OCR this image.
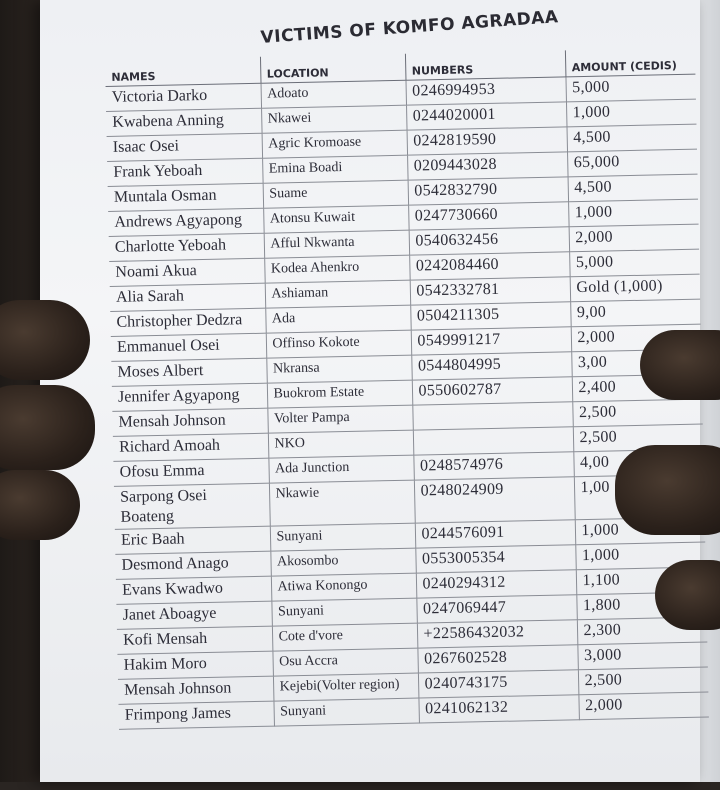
VICTIMS OF KOMFO AGRADAA
NAMES	LOCATION	NUMBERS	AMOUNT (CEDIS)
Victoria Darko	Adoato	0246994953	5,000
Kwabena Anning	Nkawei	0244020001	1,000
Isaac Osei	Agric Kromoase	0242819590	4,500
Frank Yeboah	Emina Boadi	0209443028	65,000
Muntala Osman	Suame	0542832790	4,500
Andrews Agyapong	Atonsu Kuwait	0247730660	1,000
Charlotte Yeboah	Afful Nkwanta	0540632456	2,000
Noami Akua	Kodea Ahenkro	0242084460	5,000
Alia Sarah	Ashiaman	0542332781	Gold (1,000)
Christopher Dedzra	Ada	0504211305	9,00
Emmanuel Osei	Offinso Kokote	0549991217	2,000
Moses Albert	Nkransa	0544804995	3,00
Jennifer Agyapong	Buokrom Estate	0550602787	2,400
Mensah Johnson	Volter Pampa		2,500
Richard Amoah	NKO		2,500
Ofosu Emma	Ada Junction	0248574976	4,00
Sarpong Osei Boateng	Nkawie	0248024909	1,00
Eric Baah	Sunyani	0244576091	1,000
Desmond Anago	Akosombo	0553005354	1,000
Evans Kwadwo	Atiwa Konongo	0240294312	1,100
Janet Aboagye	Sunyani	0247069447	1,800
Kofi Mensah	Cote d'vore	+22586432032	2,300
Hakim Moro	Osu Accra	0267602528	3,000
Mensah Johnson	Kejebi(Volter region)	0240743175	2,500
Frimpong James	Sunyani	0241062132	2,000
